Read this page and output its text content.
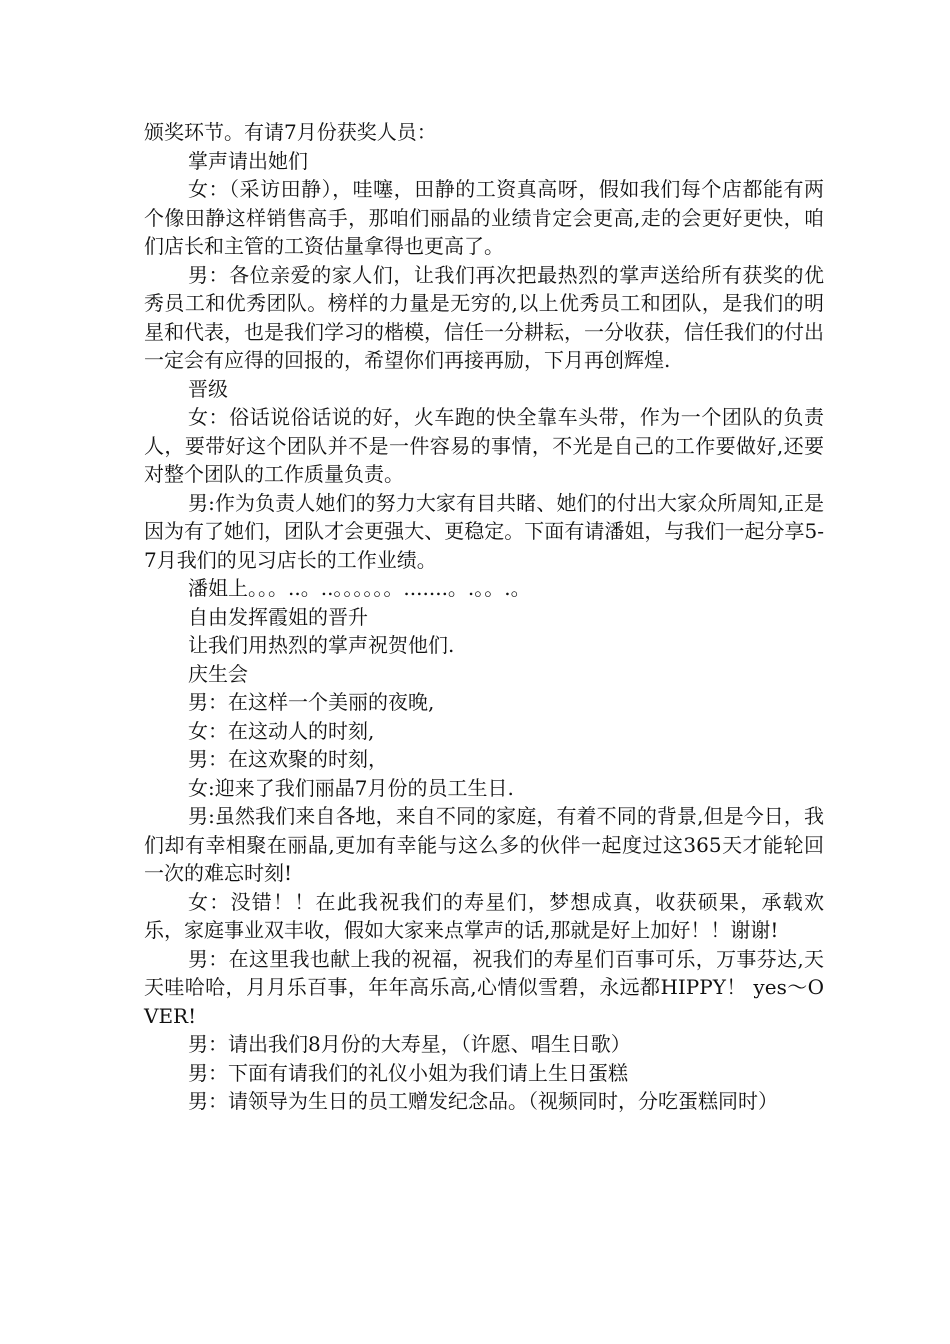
颁奖环节。有请7月份获奖人员：

掌声请出她们

女：（采访田静），哇噻，田静的工资真高呀，假如我们每个店都能有两个像田静这样销售高手，那咱们丽晶的业绩肯定会更高,走的会更好更快，咱们店长和主管的工资估量拿得也更高了。

男：各位亲爱的家人们，让我们再次把最热烈的掌声送给所有获奖的优秀员工和优秀团队。榜样的力量是无穷的,以上优秀员工和团队，是我们的明星和代表，也是我们学习的楷模，信任一分耕耘，一分收获，信任我们的付出一定会有应得的回报的，希望你们再接再励，下月再创辉煌.

晋级

女：俗话说俗话说的好，火车跑的快全靠车头带，作为一个团队的负责人，要带好这个团队并不是一件容易的事情，不光是自己的工作要做好,还要对整个团队的工作质量负责。

男:作为负责人她们的努力大家有目共睹、她们的付出大家众所周知,正是因为有了她们，团队才会更强大、更稳定。下面有请潘姐，与我们一起分享5-7月我们的见习店长的工作业绩。

潘姐上。。。..。..。。。。。。.......。.。。.。

自由发挥霞姐的晋升

让我们用热烈的掌声祝贺他们.

庆生会

男：在这样一个美丽的夜晚,

女：在这动人的时刻,

男：在这欢聚的时刻，

女:迎来了我们丽晶7月份的员工生日.

男:虽然我们来自各地，来自不同的家庭，有着不同的背景,但是今日，我们却有幸相聚在丽晶,更加有幸能与这么多的伙伴一起度过这365天才能轮回一次的难忘时刻!

女：没错！！在此我祝我们的寿星们，梦想成真，收获硕果，承载欢乐，家庭事业双丰收，假如大家来点掌声的话,那就是好上加好！！谢谢!

男：在这里我也献上我的祝福，祝我们的寿星们百事可乐，万事芬达,天天哇哈哈，月月乐百事，年年高乐高,心情似雪碧，永远都HIPPY！ yes～OVER!

男：请出我们8月份的大寿星，（许愿、唱生日歌）

男：下面有请我们的礼仪小姐为我们请上生日蛋糕

男：请领导为生日的员工赠发纪念品。（视频同时，分吃蛋糕同时）
